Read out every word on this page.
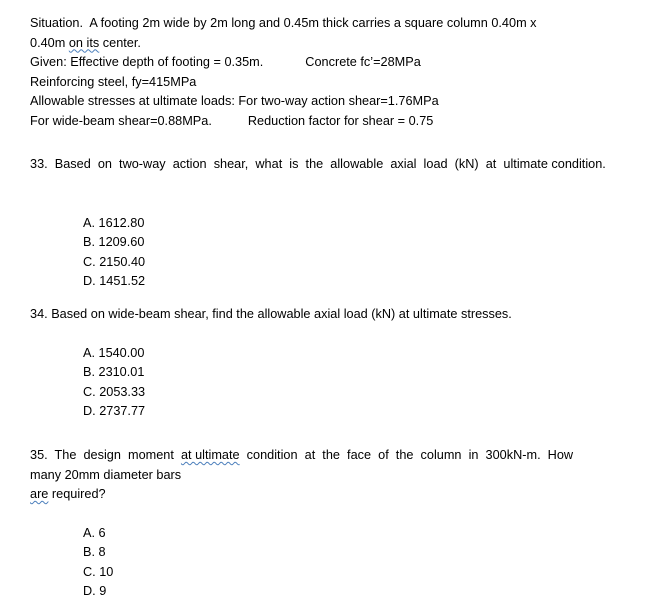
Situation.  A footing 2m wide by 2m long and 0.45m thick carries a square column 0.40m x
0.40m on its center.
Given: Effective depth of footing = 0.35m.	Concrete fc’=28MPa
Reinforcing steel, fy=415MPa
Allowable stresses at ultimate loads: For two-way action shear=1.76MPa
For wide-beam shear=0.88MPa.	Reduction factor for shear = 0.75
33.  Based  on  two-way  action  shear,  what  is  the  allowable  axial  load  (kN)  at  ultimate condition.
A. 1612.80
B. 1209.60
C. 2150.40
D. 1451.52
34. Based on wide-beam shear, find the allowable axial load (kN) at ultimate stresses.
A. 1540.00
B. 2310.01
C. 2053.33
D. 2737.77
35.  The  design  moment  at ultimate  condition  at  the  face  of  the  column  in  300kN-m.  How
many 20mm diameter bars
are required?
A. 6
B. 8
C. 10
D. 9
